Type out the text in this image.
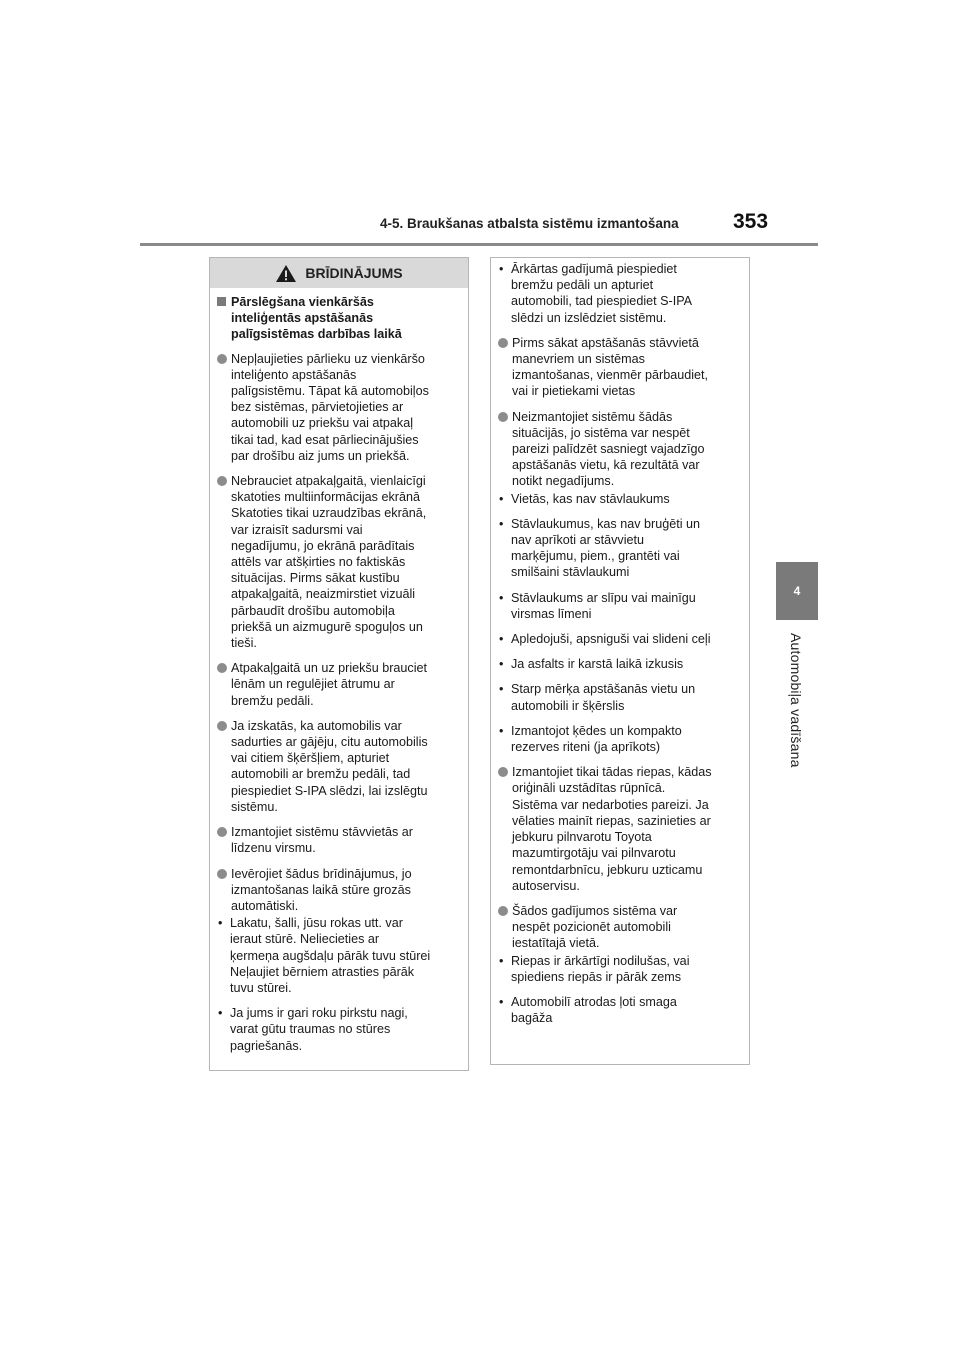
4-5. Braukšanas atbalsta sistēmu izmantošana	353
4
Automobiļa vadīšana
BRĪDINĀJUMS
Pārslēgšana vienkāršās
inteliģentās apstāšanās
palīgsistēmas darbības laikā
Nepļaujieties pārlieku uz vienkāršo
inteliģento apstāšanās
palīgsistēmu. Tāpat kā automobiļos
bez sistēmas, pārvietojieties ar
automobili uz priekšu vai atpakaļ
tikai tad, kad esat pārliecinājušies
par drošību aiz jums un priekšā.
Nebrauciet atpakaļgaitā, vienlaicīgi
skatoties multiinformācijas ekrānā
Skatoties tikai uzraudzības ekrānā,
var izraisīt sadursmi vai
negadījumu, jo ekrānā parādītais
attēls var atšķirties no faktiskās
situācijas. Pirms sākat kustību
atpakaļgaitā, neaizmirstiet vizuāli
pārbaudīt drošību automobiļa
priekšā un aizmugurē spoguļos un
tieši.
Atpakaļgaitā un uz priekšu brauciet
lēnām un regulējiet ātrumu ar
bremžu pedāli.
Ja izskatās, ka automobilis var
sadurties ar gājēju, citu automobilis
vai citiem šķēršļiem, apturiet
automobili ar bremžu pedāli, tad
piespiediet S-IPA slēdzi, lai izslēgtu
sistēmu.
Izmantojiet sistēmu stāvvietās ar
līdzenu virsmu.
Ievērojiet šādus brīdinājumus, jo
izmantošanas laikā stūre grozās
automātiski.
• Lakatu, šalli, jūsu rokas utt. var
ieraut stūrē. Neliecieties ar
ķermeņa augšdaļu pārāk tuvu stūrei
Neļaujiet bērniem atrasties pārāk
tuvu stūrei.
• Ja jums ir gari roku pirkstu nagi,
varat gūtu traumas no stūres
pagriešanās.
• Ārkārtas gadījumā piespiediet
bremžu pedāli un apturiet
automobili, tad piespiediet S-IPA
slēdzi un izslēdziet sistēmu.
Pirms sākat apstāšanās stāvvietā
manevriem un sistēmas
izmantošanas, vienmēr pārbaudiet,
vai ir pietiekami vietas
Neizmantojiet sistēmu šādās
situācijās, jo sistēma var nespēt
pareizi palīdzēt sasniegt vajadzīgo
apstāšanās vietu, kā rezultātā var
notikt negadījums.
• Vietās, kas nav stāvlaukums
• Stāvlaukumus, kas nav bruģēti un
nav aprīkoti ar stāvvietu
marķējumu, piem., grantēti vai
smilšaini stāvlaukumi
• Stāvlaukums ar slīpu vai mainīgu
virsmas līmeni
• Apledojuši, apsniguši vai slideni ceļi
• Ja asfalts ir karstā laikā izkusis
• Starp mērķa apstāšanās vietu un
automobili ir šķērslis
• Izmantojot ķēdes un kompakto
rezerves riteni (ja aprīkots)
Izmantojiet tikai tādas riepas, kādas
oriģināli uzstādītas rūpnīcā.
Sistēma var nedarboties pareizi. Ja
vēlaties mainīt riepas, sazinieties ar
jebkuru pilnvarotu Toyota
mazumtirgotāju vai pilnvarotu
remontdarbnīcu, jebkuru uzticamu
autoservisu.
Šādos gadījumos sistēma var
nespēt pozicionēt automobili
iestatītajā vietā.
• Riepas ir ārkārtīgi nodilušas, vai
spiediens riepās ir pārāk zems
• Automobilī atrodas ļoti smaga
bagāža
